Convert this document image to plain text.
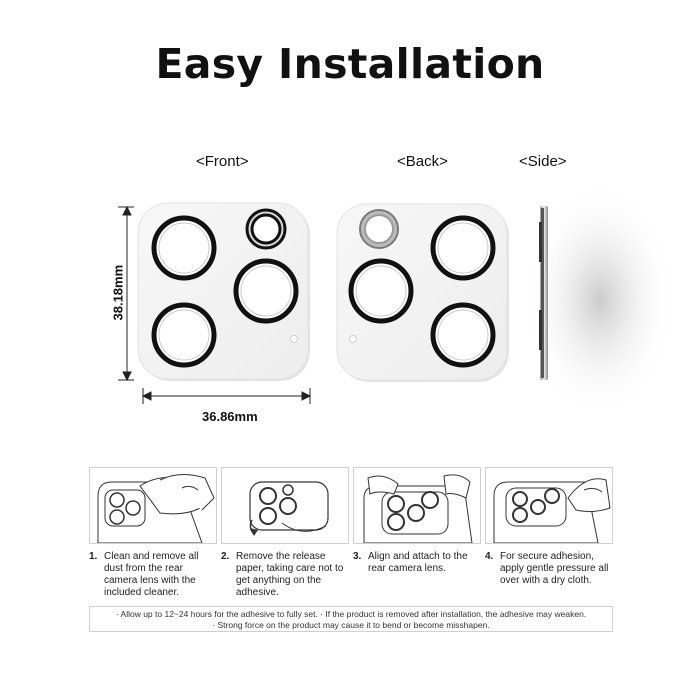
Easy Installation
<Front>	<Back>	<Side>
36.86mm
38.18mm
1. Clean and remove all dust from the rear camera lens with the included cleaner.
2. Remove the release paper, taking care not to get anything on the adhesive.
3. Align and attach to the rear camera lens.
4. For secure adhesion, apply gentle pressure all over with a dry cloth.
· Allow up to 12~24 hours for the adhesive to fully set. · If the product is removed after installation, the adhesive may weaken.
· Strong force on the product may cause it to bend or become misshapen.
